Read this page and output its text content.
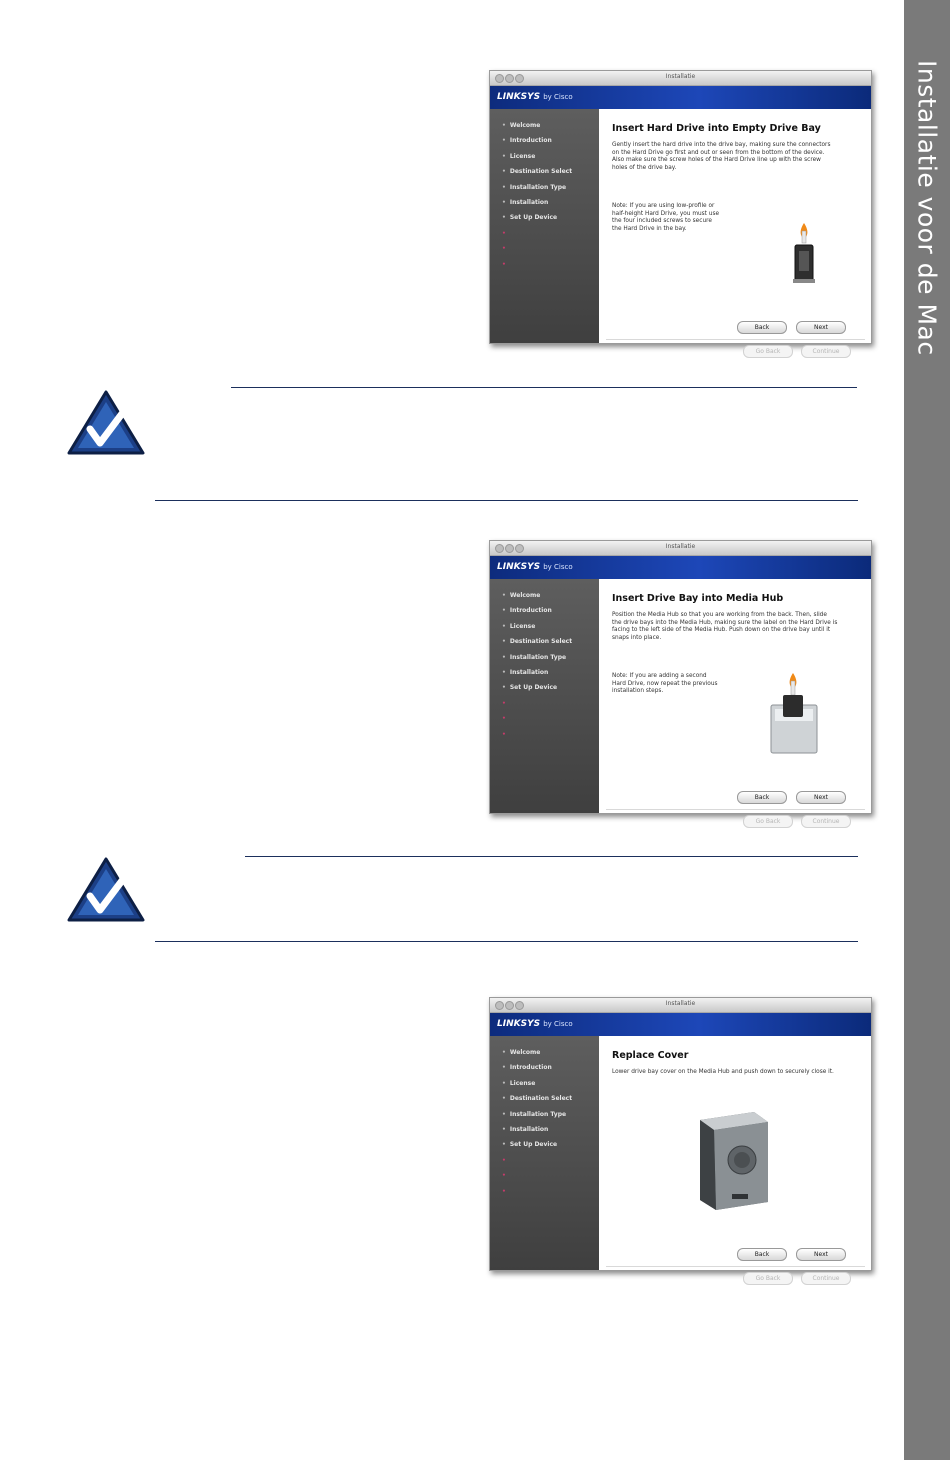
Installatie voor de Mac
Installatie
LINKSYS by Cisco
• Welcome
• Introduction
• License
• Destination Select
• Installation Type
• Installation
• Set Up Device
•
•
•
Insert Hard Drive into Empty Drive Bay

Gently insert the hard drive into the drive bay, making sure the connectors on the Hard Drive go first and out or seen from the bottom of the device. Also make sure the screw holes of the Hard Drive line up with the screw holes of the drive bay.

Note: If you are using low-profile or half-height Hard Drive, you must use the four included screws to secure the Hard Drive in the bay.

Back	Next
Go Back	Continue
Installatie
LINKSYS by Cisco
• Welcome
• Introduction
• License
• Destination Select
• Installation Type
• Installation
• Set Up Device
•
•
•
Insert Drive Bay into Media Hub

Position the Media Hub so that you are working from the back. Then, slide the drive bays into the Media Hub, making sure the label on the Hard Drive is facing to the left side of the Media Hub. Push down on the drive bay until it snaps into place.

Note: If you are adding a second Hard Drive, now repeat the previous installation steps.

Back	Next
Go Back	Continue
Installatie
LINKSYS by Cisco
• Welcome
• Introduction
• License
• Destination Select
• Installation Type
• Installation
• Set Up Device
•
•
•
Replace Cover

Lower drive bay cover on the Media Hub and push down to securely close it.

Back	Next
Go Back	Continue
